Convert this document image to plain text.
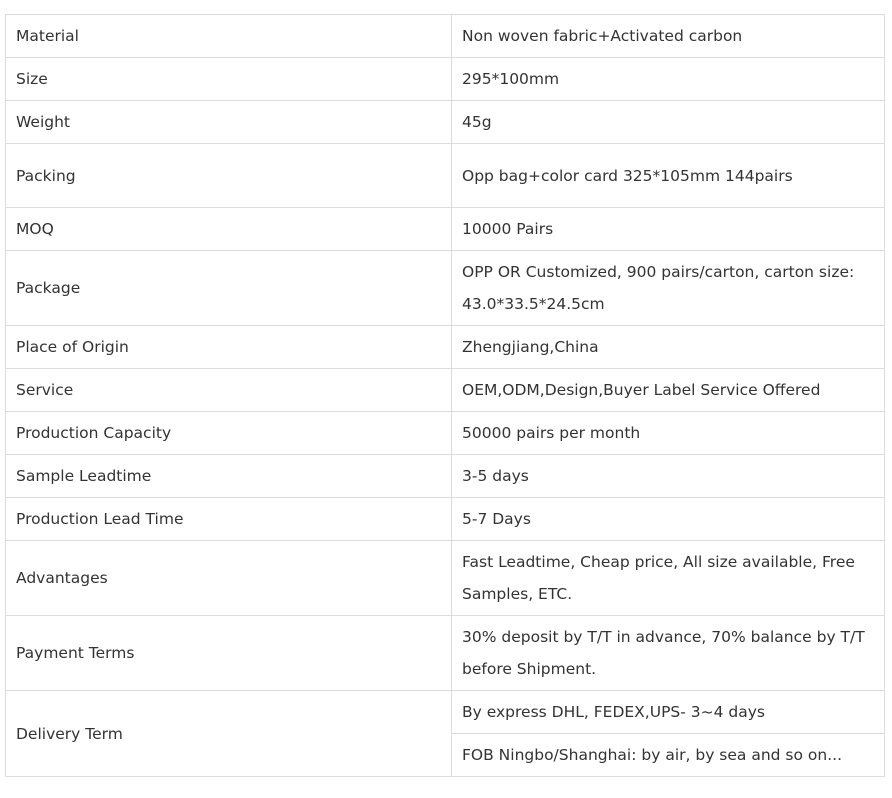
Material	Non woven fabric+Activated carbon
Size	295*100mm
Weight	45g
Packing	Opp bag+color card 325*105mm 144pairs
MOQ	10000 Pairs
Package	OPP OR Customized, 900 pairs/carton, carton size: 43.0*33.5*24.5cm
Place of Origin	Zhengjiang,China
Service	OEM,ODM,Design,Buyer Label Service Offered
Production Capacity	50000 pairs per month
Sample Leadtime	3-5 days
Production Lead Time	5-7 Days
Advantages	Fast Leadtime, Cheap price, All size available, Free Samples, ETC.
Payment Terms	30% deposit by T/T in advance, 70% balance by T/T before Shipment.
Delivery Term	By express DHL, FEDEX,UPS- 3~4 days
	FOB Ningbo/Shanghai: by air, by sea and so on...
